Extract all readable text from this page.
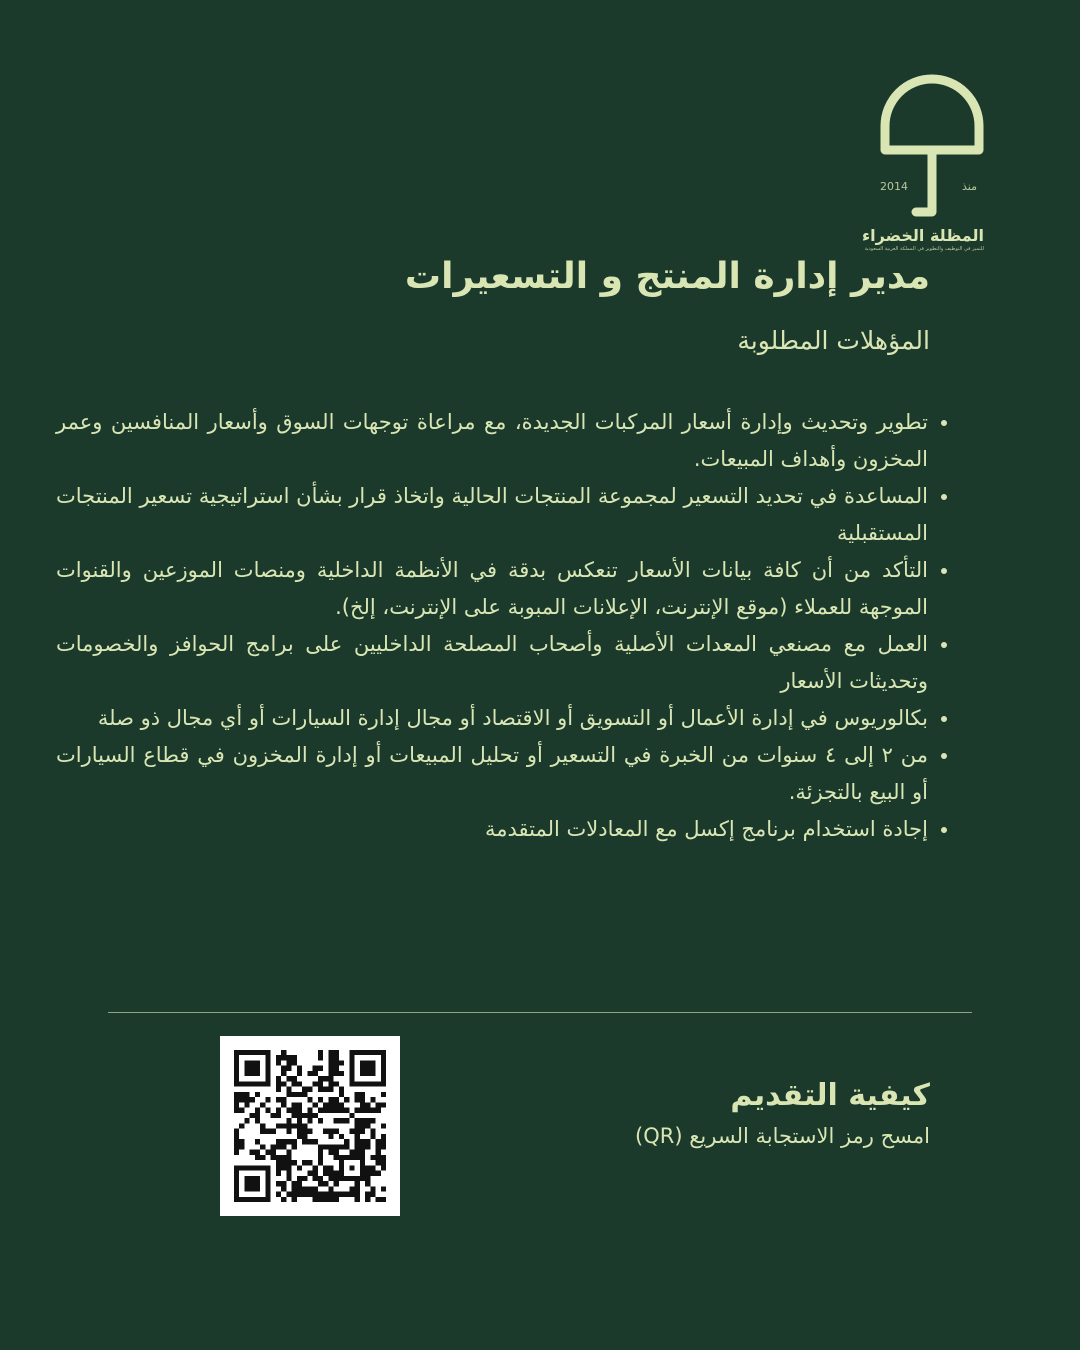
منذ
2014
المظلة الخضراء
للتميز في التوظيف والتطوير في المملكة العربية السعودية
مدير إدارة المنتج و التسعيرات
المؤهلات المطلوبة
• تطوير وتحديث وإدارة أسعار المركبات الجديدة، مع مراعاة توجهات السوق وأسعار المنافسين وعمر المخزون وأهداف المبيعات.
• المساعدة في تحديد التسعير لمجموعة المنتجات الحالية واتخاذ قرار بشأن استراتيجية تسعير المنتجات المستقبلية
• التأكد من أن كافة بيانات الأسعار تنعكس بدقة في الأنظمة الداخلية ومنصات الموزعين والقنوات الموجهة للعملاء (موقع الإنترنت، الإعلانات المبوبة على الإنترنت، إلخ).
• العمل مع مصنعي المعدات الأصلية وأصحاب المصلحة الداخليين على برامج الحوافز والخصومات وتحديثات الأسعار
• بكالوريوس في إدارة الأعمال أو التسويق أو الاقتصاد أو مجال إدارة السيارات أو أي مجال ذو صلة
• من ٢ إلى ٤ سنوات من الخبرة في التسعير أو تحليل المبيعات أو إدارة المخزون في قطاع السيارات أو البيع بالتجزئة.
• إجادة استخدام برنامج إكسل مع المعادلات المتقدمة
كيفية التقديم

امسح رمز الاستجابة السريع (QR)
